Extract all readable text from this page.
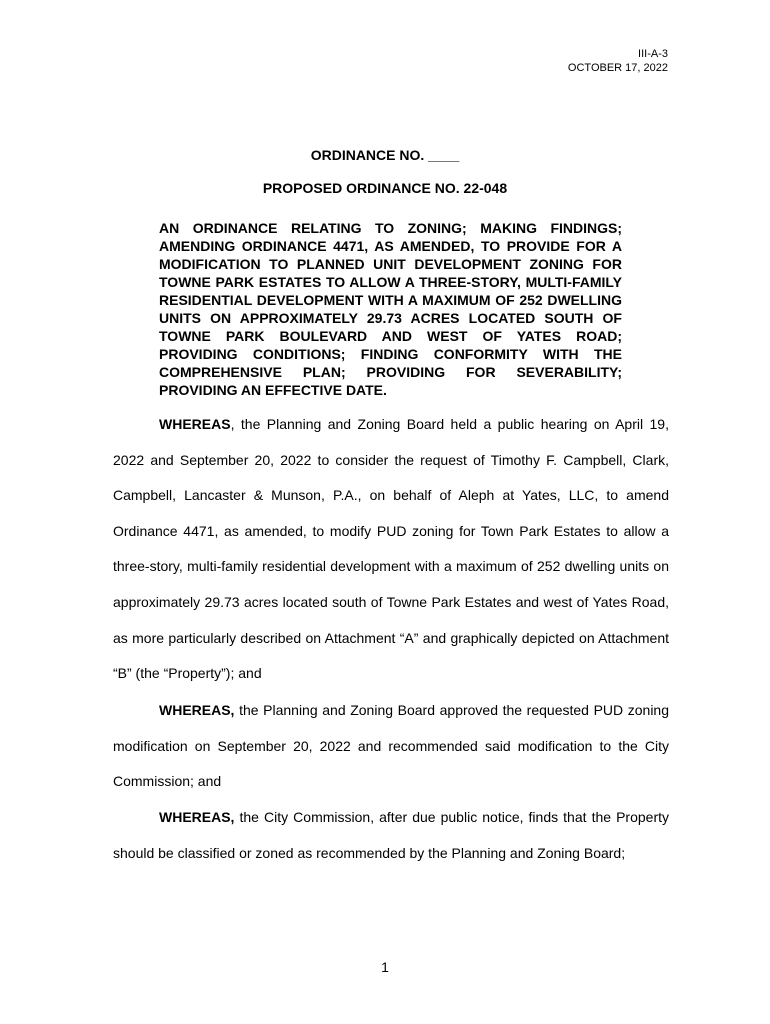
III-A-3
OCTOBER 17, 2022
ORDINANCE NO. ____
PROPOSED ORDINANCE NO. 22-048
AN ORDINANCE RELATING TO ZONING; MAKING FINDINGS; AMENDING ORDINANCE 4471, AS AMENDED, TO PROVIDE FOR A MODIFICATION TO PLANNED UNIT DEVELOPMENT ZONING FOR TOWNE PARK ESTATES TO ALLOW A THREE-STORY, MULTI-FAMILY RESIDENTIAL DEVELOPMENT WITH A MAXIMUM OF 252 DWELLING UNITS ON APPROXIMATELY 29.73 ACRES LOCATED SOUTH OF TOWNE PARK BOULEVARD AND WEST OF YATES ROAD; PROVIDING CONDITIONS; FINDING CONFORMITY WITH THE COMPREHENSIVE PLAN; PROVIDING FOR SEVERABILITY; PROVIDING AN EFFECTIVE DATE.
WHEREAS, the Planning and Zoning Board held a public hearing on April 19, 2022 and September 20, 2022 to consider the request of Timothy F. Campbell, Clark, Campbell, Lancaster & Munson, P.A., on behalf of Aleph at Yates, LLC, to amend Ordinance 4471, as amended, to modify PUD zoning for Town Park Estates to allow a three-story, multi-family residential development with a maximum of 252 dwelling units on approximately 29.73 acres located south of Towne Park Estates and west of Yates Road, as more particularly described on Attachment “A” and graphically depicted on Attachment “B” (the “Property”); and
WHEREAS, the Planning and Zoning Board approved the requested PUD zoning modification on September 20, 2022 and recommended said modification to the City Commission; and
WHEREAS, the City Commission, after due public notice, finds that the Property should be classified or zoned as recommended by the Planning and Zoning Board;
1
